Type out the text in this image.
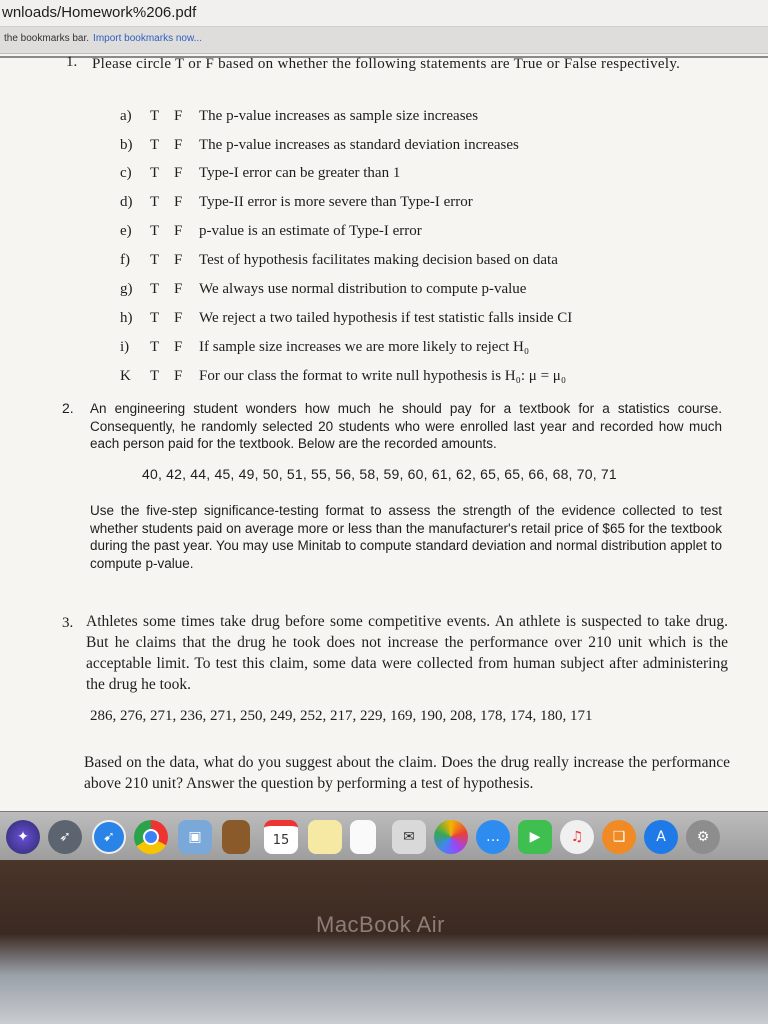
wnloads/Homework%206.pdf
the bookmarks bar. Import bookmarks now...
1. Please circle T or F based on whether the following statements are True or False respectively.
a)	T F The p-value increases as sample size increases
b)	T F The p-value increases as standard deviation increases
c)	T F Type-I error can be greater than 1
d)	T F Type-II error is more severe than Type-I error
e)	T F p-value is an estimate of Type-I error
f)	T F Test of hypothesis facilitates making decision based on data
g)	T F We always use normal distribution to compute p-value
h)	T F We reject a two tailed hypothesis if test statistic falls inside CI
i)	T F If sample size increases we are more likely to reject H₀
K	T F For our class the format to write null hypothesis is H₀: μ = μ₀
2. An engineering student wonders how much he should pay for a textbook for a statistics course. Consequently, he randomly selected 20 students who were enrolled last year and recorded how much each person paid for the textbook. Below are the recorded amounts.
40, 42, 44, 45, 49, 50, 51, 55, 56, 58, 59, 60, 61, 62, 65, 65, 66, 68, 70, 71
Use the five-step significance-testing format to assess the strength of the evidence collected to test whether students paid on average more or less than the manufacturer's retail price of $65 for the textbook during the past year. You may use Minitab to compute standard deviation and normal distribution applet to compute p-value.
3. Athletes some times take drug before some competitive events. An athlete is suspected to take drug. But he claims that the drug he took does not increase the performance over 210 unit which is the acceptable limit. To test this claim, some data were collected from human subject after administering the drug he took.
286, 276, 271, 236, 271, 250, 249, 252, 217, 229, 169, 190, 208, 178, 174, 180, 171
Based on the data, what do you suggest about the claim. Does the drug really increase the performance above 210 unit? Answer the question by performing a test of hypothesis.
✦	➶	➹	▣	15	✉	…	▶	♫	❑	A	⚙
MacBook Air
